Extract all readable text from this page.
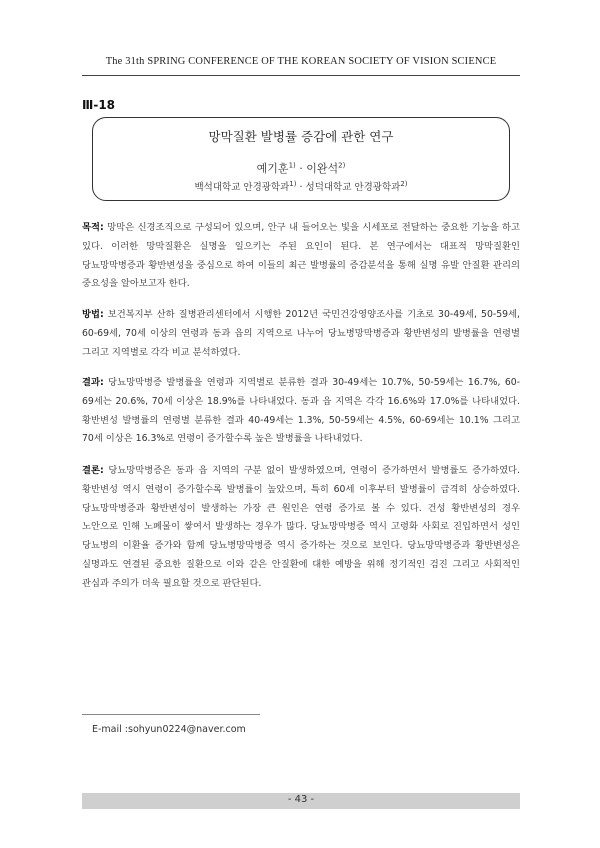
The 31th SPRING CONFERENCE OF THE KOREAN SOCIETY OF VISION SCIENCE
Ⅲ-18
망막질환 발병률 증감에 관한 연구
예기훈$^{1)}$ · 이완석$^{2)}$
백석대학교 안경광학과$^{1)}$ · 성덕대학교 안경광학과$^{2)}$
목적: 망막은 신경조직으로 구성되어 있으며, 안구 내 들어오는 빛을 시세포로 전달하는 중요한 기능을 하고 있다. 이러한 망막질환은 실명을 일으키는 주된 요인이 된다. 본 연구에서는 대표적 망막질환인 당뇨망막병증과 황반변성을 중심으로 하여 이들의 최근 발병률의 증감분석을 통해 실명 유발 안질환 관리의 중요성을 알아보고자 한다.
방법: 보건복지부 산하 질병관리센터에서 시행한 2012년 국민건강영양조사를 기초로 30-49세, 50-59세, 60-69세, 70세 이상의 연령과 동과 읍의 지역으로 나누어 당뇨병망막병증과 황반변성의 발병률을 연령별 그리고 지역별로 각각 비교 분석하였다.
결과: 당뇨망막병증 발병률을 연령과 지역별로 분류한 결과 30-49세는 10.7%, 50-59세는 16.7%, 60-69세는 20.6%, 70세 이상은 18.9%를 나타내었다. 동과 읍 지역은 각각 16.6%와 17.0%를 나타내었다. 황반변성 발병률의 연령별 분류한 결과 40-49세는 1.3%, 50-59세는 4.5%, 60-69세는 10.1% 그리고 70세 이상은 16.3%로 연령이 증가할수록 높은 발병률을 나타내었다.
결론: 당뇨망막병증은 동과 읍 지역의 구분 없이 발생하였으며, 연령이 증가하면서 발병률도 증가하였다. 황반변성 역시 연령이 증가할수록 발병률이 높았으며, 특히 60세 이후부터 발병률이 급격히 상승하였다. 당뇨망막병증과 황반변성이 발생하는 가장 큰 원인은 연령 증가로 볼 수 있다. 건성 황반변성의 경우 노안으로 인해 노폐물이 쌓여서 발생하는 경우가 많다. 당뇨망막병증 역시 고령화 사회로 진입하면서 성인 당뇨병의 이환율 증가와 함께 당뇨병망막병증 역시 증가하는 것으로 보인다. 당뇨망막병증과 황반변성은 실명과도 연결된 중요한 질환으로 이와 같은 안질환에 대한 예방을 위해 정기적인 검진 그리고 사회적인 관심과 주의가 더욱 필요할 것으로 판단된다.
E-mail :sohyun0224@naver.com
- 43 -
